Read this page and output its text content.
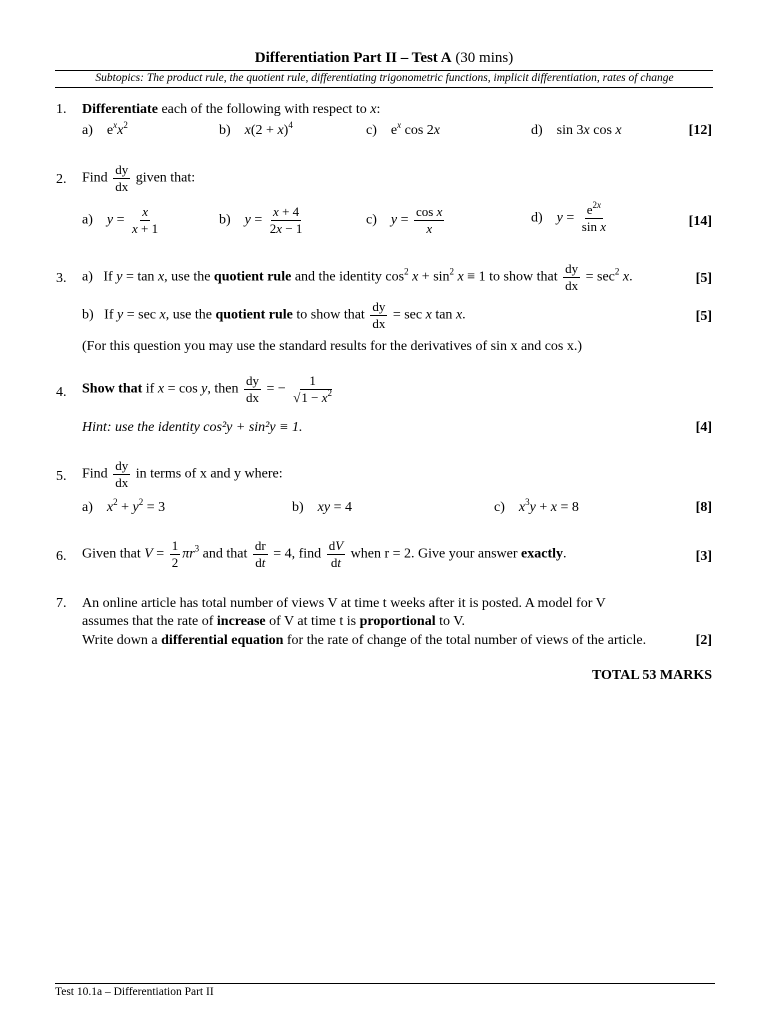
Differentiation Part II – Test A (30 mins)
Subtopics: The product rule, the quotient rule, differentiating trigonometric functions, implicit differentiation, rates of change
1. Differentiate each of the following with respect to x:
a)    $e^xx^2$	b) $x(2 + x)^4$	c)    $e^x$ cos 2x	d)    sin 3x cos x	[12]
2. Find $\frac{dy}{dx}$ given that:
a) $y = \frac{x}{x + 1}$	b) $y = \frac{x + 4}{2x - 1}$	c) $y = \frac{\text{cos x}}{x}$	d) $y = \frac{e^{2x}}{\text{sin x}}$	[14]
3. a) If y = tan x, use the quotient rule and the identity $\cos^2 x + \sin^2 x \equiv 1$ to show that $\frac{dy}{dx} = \sec^2 x$.	[5]
b) If y = sec x, use the quotient rule to show that $\frac{dy}{dx} = \sec x$ tan x.	[5]
(For this question you may use the standard results for the derivatives of sin x and cos x.)
4. Show that if x = cos y, then $\frac{dy}{dx}$ = − $\frac{1}{√1 - x^2}$
Hint: use the identity cos²y + sin²y ≡ 1.	[4]
5. Find $\frac{dy}{dx}$ in terms of x and y where:
a) $x^2 + y^2 = 3$	b) xy = 4	c) $x^3y + x = 8$	[8]
6. Given that $V = \frac{1}{2} \pi r^3$ and that $\frac{dr}{dt} = 4$, find $\frac{dV}{dt}$ when r = 2. Give your answer exactly.	[3]
7. An online article has total number of views V at time t weeks after it is posted. A model for V
assumes that the rate of increase of V at time t is proportional to V.
Write down a differential equation for the rate of change of the total number of views of the article.	[2]
TOTAL 53 MARKS
Test 10.1a – Differentiation Part II
